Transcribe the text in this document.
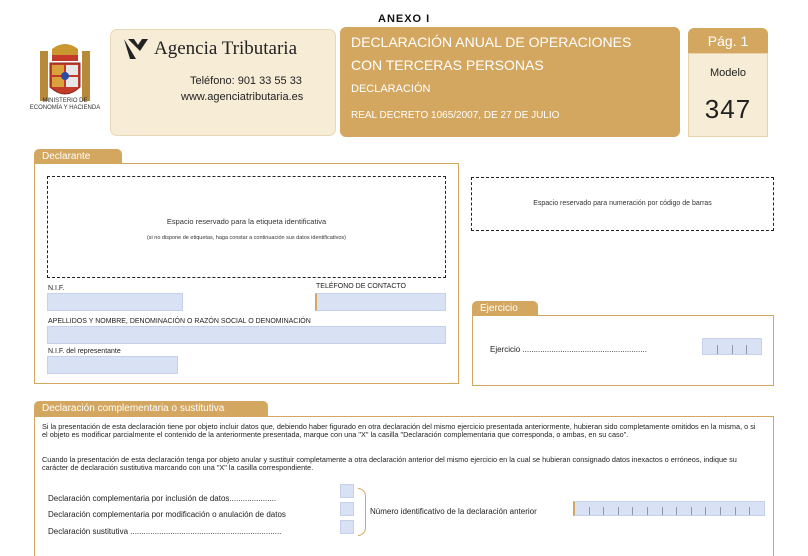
ANEXO I
MINISTERIO DE ECONOMÍA Y HACIENDA
Agencia Tributaria
Teléfono: 901 33 55 33
www.agenciatributaria.es
DECLARACIÓN ANUAL DE OPERACIONES
CON TERCERAS PERSONAS
DECLARACIÓN
REAL DECRETO 1065/2007, DE 27 DE JULIO
Pág. 1
Modelo
347
Declarante
Espacio reservado para la etiqueta identificativa
(si no dispone de etiquetas, haga constar a continuación sus datos identificativos)
N.I.F.	TELÉFONO DE CONTACTO
APELLIDOS Y NOMBRE, DENOMINACIÓN O RAZÓN SOCIAL O DENOMINACIÓN
N.I.F. del representante
Espacio reservado para numeración por código de barras
Ejercicio
Ejercicio ........................................................
Declaración complementaria o sustitutiva
Si la presentación de esta declaración tiene por objeto incluir datos que, debiendo haber figurado en otra declaración del mismo ejercicio presentada anteriormente, hubieran sido completamente omitidos en la misma, o si el objeto es modificar parcialmente el contenido de la anteriormente presentada, marque con una "X" la casilla "Declaración complementaria que corresponda, o ambas, en su caso".
Cuando la presentación de esta declaración tenga por objeto anular y sustituir completamente a otra declaración anterior del mismo ejercicio en la cual se hubieran consignado datos inexactos o erróneos, indique su carácter de declaración sustitutiva marcando con una "X" la casilla correspondiente.
Declaración complementaria por inclusión de datos.....................
Declaración complementaria por modificación o anulación de datos
Declaración sustitutiva ....................................................................
Número identificativo de la declaración anterior
